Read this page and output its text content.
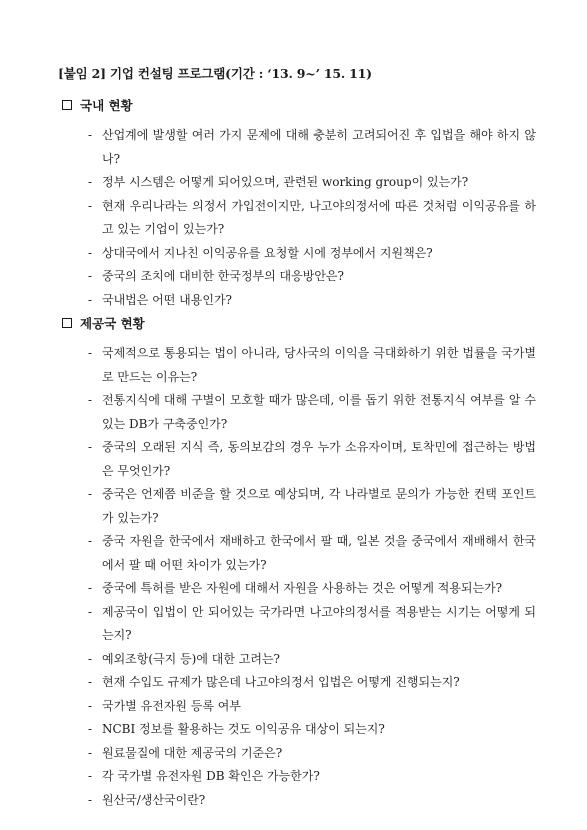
[붙임 2] 기업 컨설팅 프로그램(기간 : ‘13. 9~’ 15. 11)
국내 현황
- 산업계에 발생할 여러 가지 문제에 대해 충분히 고려되어진 후 입법을 해야 하지 않나?
- 정부 시스템은 어떻게 되어있으며, 관련된 working group이 있는가?
- 현재 우리나라는 의정서 가입전이지만, 나고야의정서에 따른 것처럼 이익공유를 하고 있는 기업이 있는가?
- 상대국에서 지나친 이익공유를 요청할 시에 정부에서 지원책은?
- 중국의 조치에 대비한 한국정부의 대응방안은?
- 국내법은 어떤 내용인가?
제공국 현황
- 국제적으로 통용되는 법이 아니라, 당사국의 이익을 극대화하기 위한 법률을 국가별로 만드는 이유는?
- 전통지식에 대해 구별이 모호할 때가 많은데, 이를 돕기 위한 전통지식 여부를 알 수 있는 DB가 구축중인가?
- 중국의 오래된 지식 즉, 동의보감의 경우 누가 소유자이며, 토착민에 접근하는 방법은 무엇인가?
- 중국은 언제쯤 비준을 할 것으로 예상되며, 각 나라별로 문의가 가능한 컨택 포인트가 있는가?
- 중국 자원을 한국에서 재배하고 한국에서 팔 때, 일본 것을 중국에서 재배해서 한국에서 팔 때 어떤 차이가 있는가?
- 중국에 특허를 받은 자원에 대해서 자원을 사용하는 것은 어떻게 적용되는가?
- 제공국이 입법이 안 되어있는 국가라면 나고야의정서를 적용받는 시기는 어떻게 되는지?
- 예외조항(극지 등)에 대한 고려는?
- 현재 수입도 규제가 많은데 나고야의정서 입법은 어떻게 진행되는지?
- 국가별 유전자원 등록 여부
- NCBI 정보를 활용하는 것도 이익공유 대상이 되는지?
- 원료물질에 대한 제공국의 기준은?
- 각 국가별 유전자원 DB 확인은 가능한가?
- 원산국/생산국이란?
